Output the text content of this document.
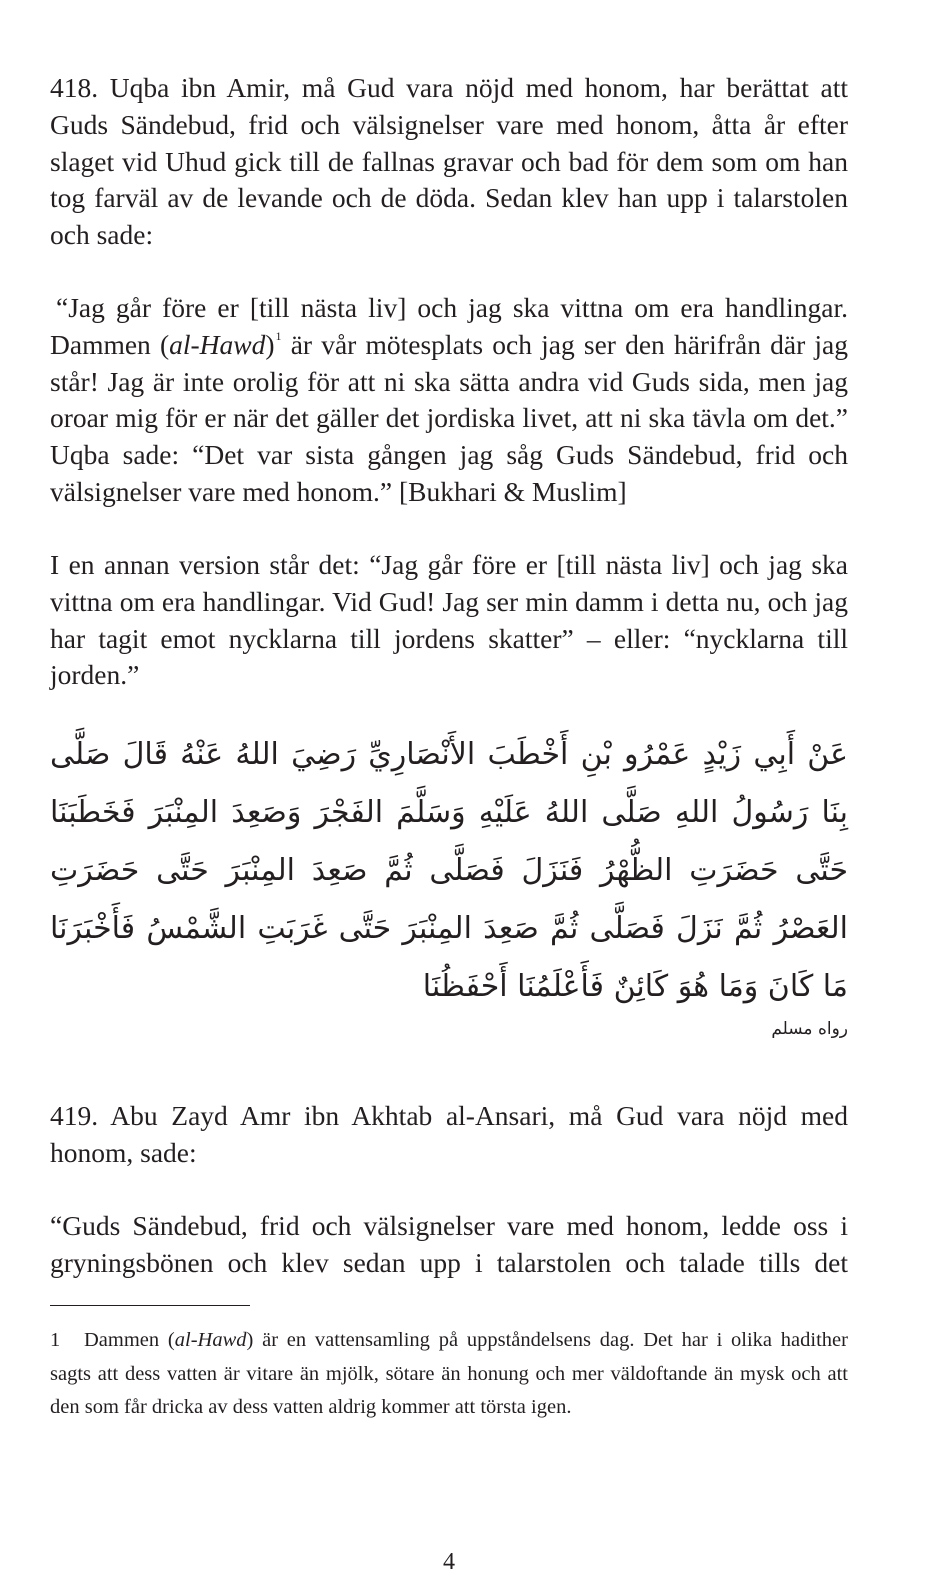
418. Uqba ibn Amir, må Gud vara nöjd med honom, har berättat att Guds Sändebud, frid och välsignelser vare med honom, åtta år efter slaget vid Uhud gick till de fallnas gravar och bad för dem som om han tog farväl av de levande och de döda. Sedan klev han upp i talarstolen och sade:

“Jag går före er [till nästa liv] och jag ska vittna om era handlingar. Dammen (al-Hawd)$^1$ är vår mötesplats och jag ser den härifrån där jag står! Jag är inte orolig för att ni ska sätta andra vid Guds sida, men jag oroar mig för er när det gäller det jordiska livet, att ni ska tävla om det.” Uqba sade: “Det var sista gången jag såg Guds Sändebud, frid och välsignelser vare med honom.” [Bukhari & Muslim]

I en annan version står det: “Jag går före er [till nästa liv] och jag ska vittna om era handlingar. Vid Gud! Jag ser min damm i detta nu, och jag har tagit emot nycklarna till jordens skatter” – eller: “nycklarna till jorden.”

عَنْ أَبِي زَيْدٍ عَمْرُو بْنِ أَخْطَبَ الأَنْصَارِيِّ رَضِيَ اللهُ عَنْهُ قَالَ صَلَّى بِنَا رَسُولُ اللهِ صَلَّى اللهُ عَلَيْهِ وَسَلَّمَ الفَجْرَ وَصَعِدَ المِنْبَرَ فَخَطَبَنَا حَتَّى حَضَرَتِ الظُّهْرُ فَنَزَلَ فَصَلَّى ثُمَّ صَعِدَ المِنْبَرَ حَتَّى حَضَرَتِ العَصْرُ ثُمَّ نَزَلَ فَصَلَّى ثُمَّ صَعِدَ المِنْبَرَ حَتَّى غَرَبَتِ الشَّمْسُ فَأَخْبَرَنَا مَا كَانَ وَمَا هُوَ كَائِنٌ فَأَعْلَمُنَا أَحْفَظُنَا
رواه مسلم

419. Abu Zayd Amr ibn Akhtab al-Ansari, må Gud vara nöjd med honom, sade:

“Guds Sändebud, frid och välsignelser vare med honom, ledde oss i gryningsbönen och klev sedan upp i talarstolen och talade tills det

1 Dammen (al-Hawd) är en vattensamling på uppståndelsens dag. Det har i olika hadither sagts att dess vatten är vitare än mjölk, sötare än honung och mer väldoftande än mysk och att den som får dricka av dess vatten aldrig kommer att törsta igen.

4
